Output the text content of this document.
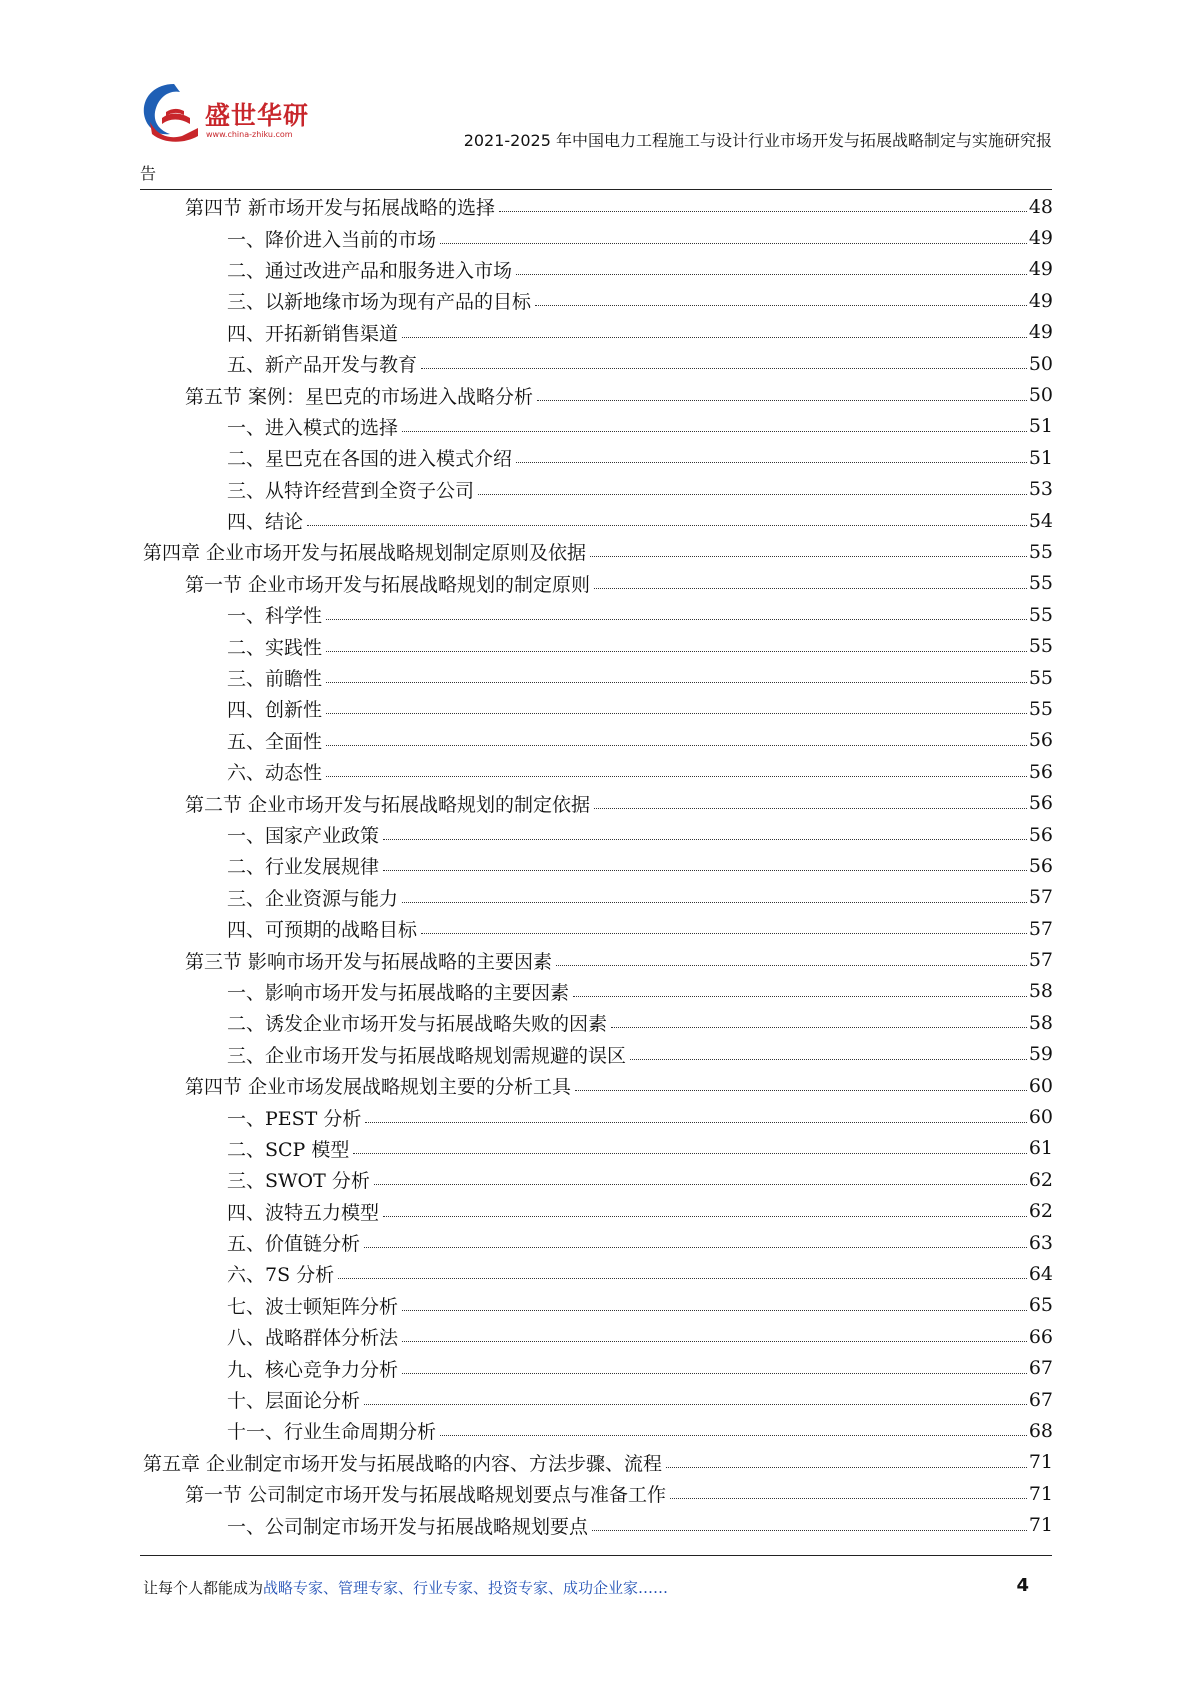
盛世华研
www.china-zhiku.com	2021-2025 年中国电力工程施工与设计行业市场开发与拓展战略制定与实施研究报
告
第四节 新市场开发与拓展战略的选择	48
一、降价进入当前的市场	49
二、通过改进产品和服务进入市场	49
三、以新地缘市场为现有产品的目标	49
四、开拓新销售渠道	49
五、新产品开发与教育	50
第五节 案例：星巴克的市场进入战略分析	50
一、进入模式的选择	51
二、星巴克在各国的进入模式介绍	51
三、从特许经营到全资子公司	53
四、结论	54
第四章 企业市场开发与拓展战略规划制定原则及依据	55
第一节 企业市场开发与拓展战略规划的制定原则	55
一、科学性	55
二、实践性	55
三、前瞻性	55
四、创新性	55
五、全面性	56
六、动态性	56
第二节 企业市场开发与拓展战略规划的制定依据	56
一、国家产业政策	56
二、行业发展规律	56
三、企业资源与能力	57
四、可预期的战略目标	57
第三节 影响市场开发与拓展战略的主要因素	57
一、影响市场开发与拓展战略的主要因素	58
二、诱发企业市场开发与拓展战略失败的因素	58
三、企业市场开发与拓展战略规划需规避的误区	59
第四节 企业市场发展战略规划主要的分析工具	60
一、PEST 分析	60
二、SCP 模型	61
三、SWOT 分析	62
四、波特五力模型	62
五、价值链分析	63
六、7S 分析	64
七、波士顿矩阵分析	65
八、战略群体分析法	66
九、核心竞争力分析	67
十、层面论分析	67
十一、行业生命周期分析	68
第五章 企业制定市场开发与拓展战略的内容、方法步骤、流程	71
第一节 公司制定市场开发与拓展战略规划要点与准备工作	71
一、公司制定市场开发与拓展战略规划要点	71
让每个人都能成为战略专家、管理专家、行业专家、投资专家、成功企业家……	4
